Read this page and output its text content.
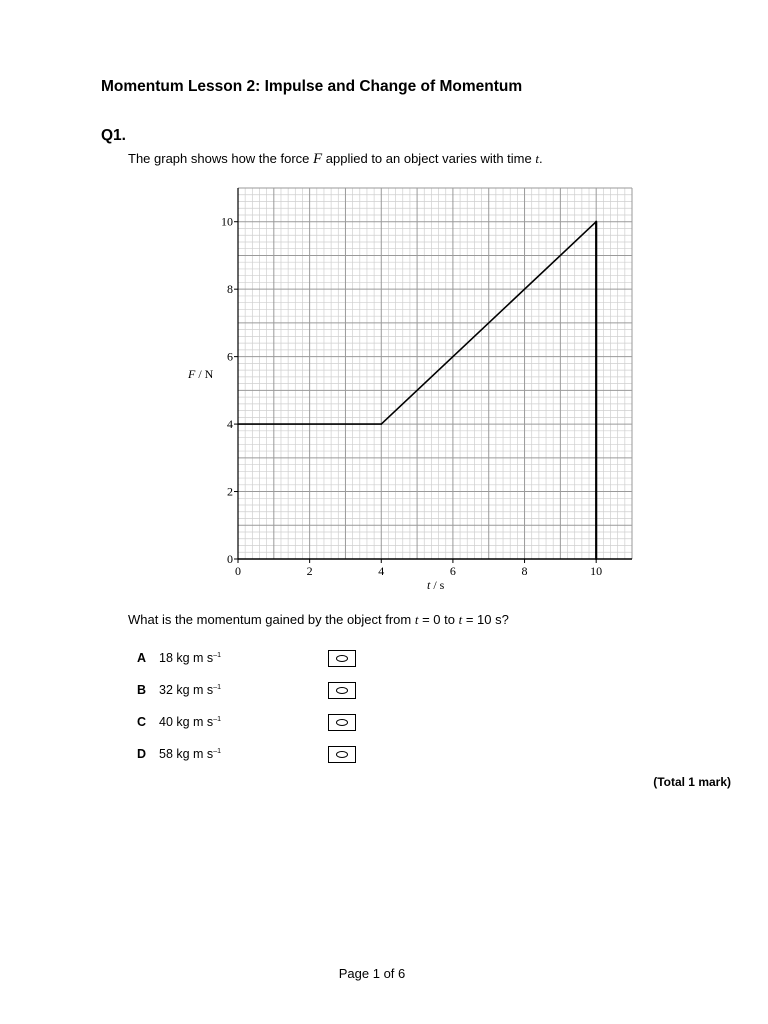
Momentum Lesson 2: Impulse and Change of Momentum
Q1.
The graph shows how the force F applied to an object varies with time t.
0	2	4	6	8	10
0
2
4
6
8
10
F / N
t / s
What is the momentum gained by the object from t = 0 to t = 10 s?
A 18 kg m $s^{-1}$
B 32 kg m $s^{-1}$
C 40 kg m $s^{-1}$
D 58 kg m $s^{-1}$
(Total 1 mark)
Page 1 of 6
